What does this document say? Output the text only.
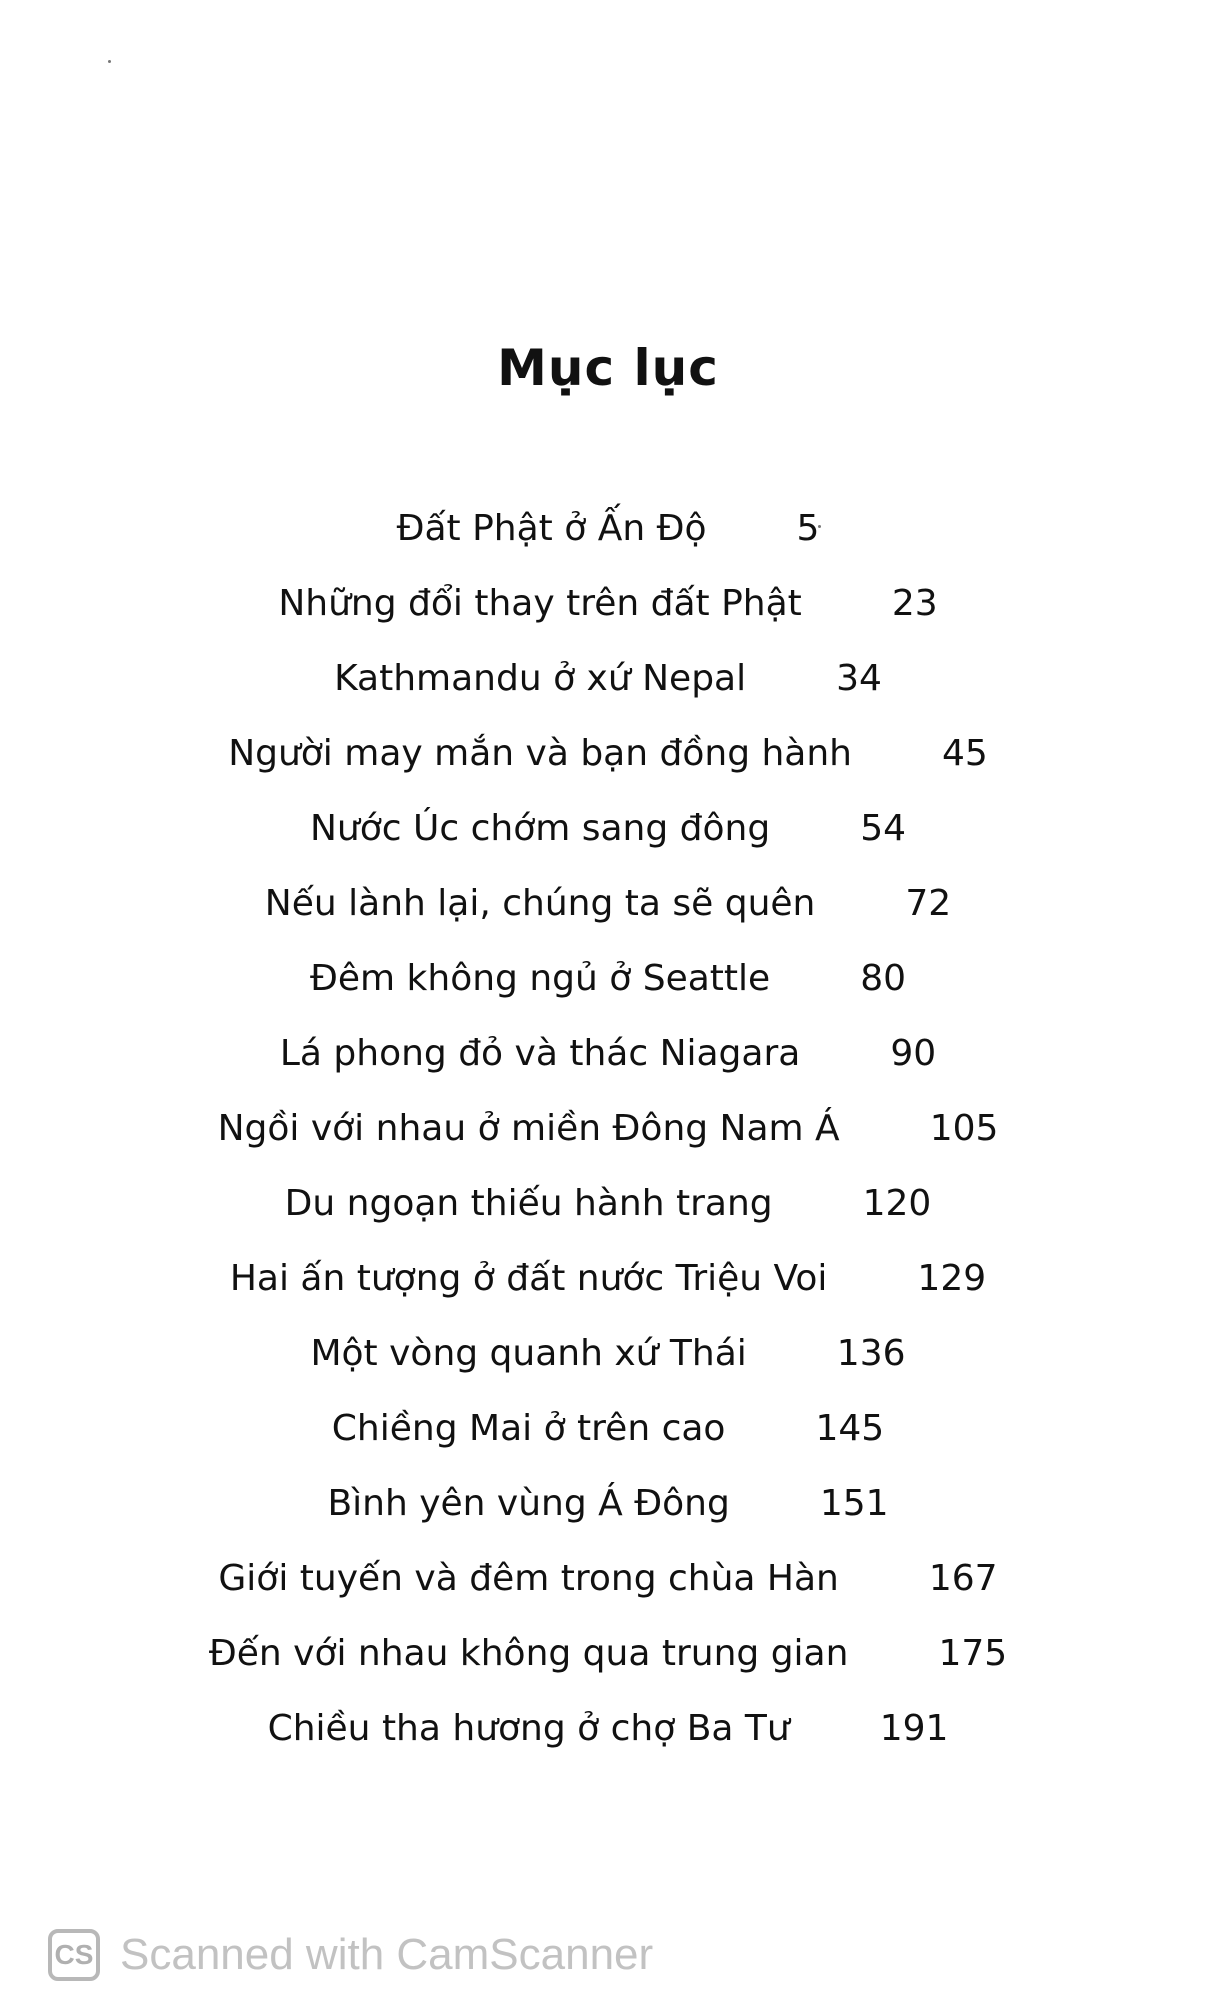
Mục lục
Đất Phật ở Ấn Độ	5
Những đổi thay trên đất Phật	23
Kathmandu ở xứ Nepal	34
Người may mắn và bạn đồng hành	45
Nước Úc chớm sang đông	54
Nếu lành lại, chúng ta sẽ quên	72
Đêm không ngủ ở Seattle	80
Lá phong đỏ và thác Niagara	90
Ngồi với nhau ở miền Đông Nam Á	105
Du ngoạn thiếu hành trang	120
Hai ấn tượng ở đất nước Triệu Voi	129
Một vòng quanh xứ Thái	136
Chiềng Mai ở trên cao	145
Bình yên vùng Á Đông	151
Giới tuyến và đêm trong chùa Hàn	167
Đến với nhau không qua trung gian	175
Chiều tha hương ở chợ Ba Tư	191
CS Scanned with CamScanner
